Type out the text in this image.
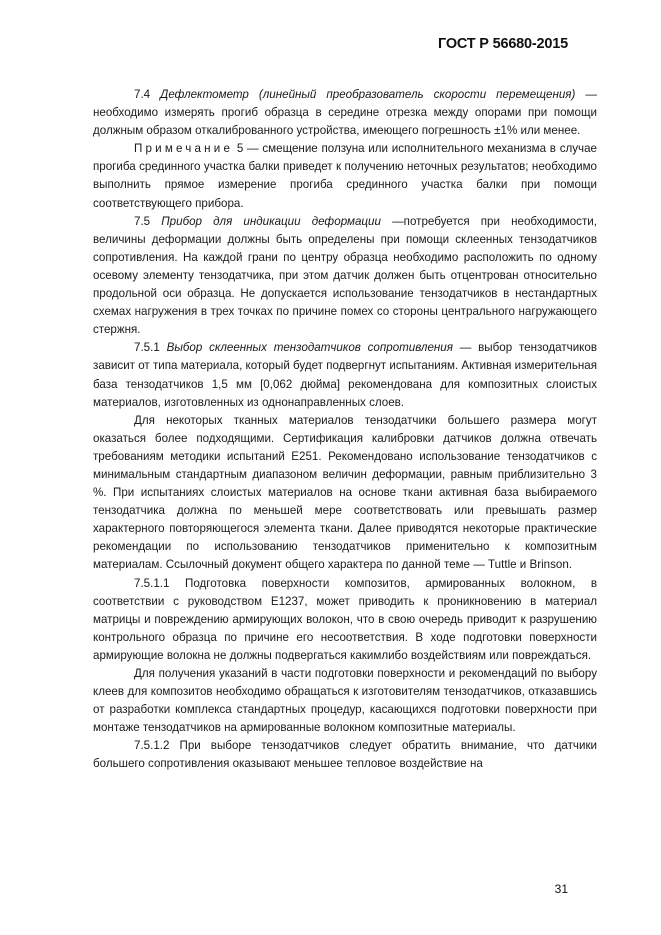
ГОСТ Р 56680-2015

7.4 Дефлектометр (линейный преобразователь скорости перемещения) — необходимо измерять прогиб образца в середине отрезка между опорами при помощи должным образом откалиброванного устройства, имеющего погрешность ±1% или менее.

Примечание 5 — смещение ползуна или исполнительного механизма в случае прогиба срединного участка балки приведет к получению неточных результатов; необходимо выполнить прямое измерение прогиба срединного участка балки при помощи соответствующего прибора.

7.5 Прибор для индикации деформации —потребуется при необходимости, величины деформации должны быть определены при помощи склеенных тензодатчиков сопротивления. На каждой грани по центру образца необходимо расположить по одному осевому элементу тензодатчика, при этом датчик должен быть отцентрован относительно продольной оси образца. Не допускается использование тензодатчиков в нестандартных схемах нагружения в трех точках по причине помех со стороны центрального нагружающего стержня.

7.5.1 Выбор склеенных тензодатчиков сопротивления — выбор тензодатчиков зависит от типа материала, который будет подвергнут испытаниям. Активная измерительная база тензодатчиков 1,5 мм [0,062 дюйма] рекомендована для композитных слоистых материалов, изготовленных из однонаправленных слоев.

Для некоторых тканных материалов тензодатчики большего размера могут оказаться более подходящими. Сертификация калибровки датчиков должна отвечать требованиям методики испытаний E251. Рекомендовано использование тензодатчиков с минимальным стандартным диапазоном величин деформации, равным приблизительно 3 %. При испытаниях слоистых материалов на основе ткани активная база выбираемого тензодатчика должна по меньшей мере соответствовать или превышать размер характерного повторяющегося элемента ткани. Далее приводятся некоторые практические рекомендации по использованию тензодатчиков применительно к композитным материалам. Ссылочный документ общего характера по данной теме — Tuttle и Brinson.

7.5.1.1 Подготовка поверхности композитов, армированных волокном, в соответствии с руководством E1237, может приводить к проникновению в материал матрицы и повреждению армирующих волокон, что в свою очередь приводит к разрушению контрольного образца по причине его несоответствия. В ходе подготовки поверхности армирующие волокна не должны подвергаться какимлибо воздействиям или повреждаться.

Для получения указаний в части подготовки поверхности и рекомендаций по выбору клеев для композитов необходимо обращаться к изготовителям тензодатчиков, отказавшись от разработки комплекса стандартных процедур, касающихся подготовки поверхности при монтаже тензодатчиков на армированные волокном композитные материалы.

7.5.1.2 При выборе тензодатчиков следует обратить внимание, что датчики большего сопротивления оказывают меньшее тепловое воздействие на

31
